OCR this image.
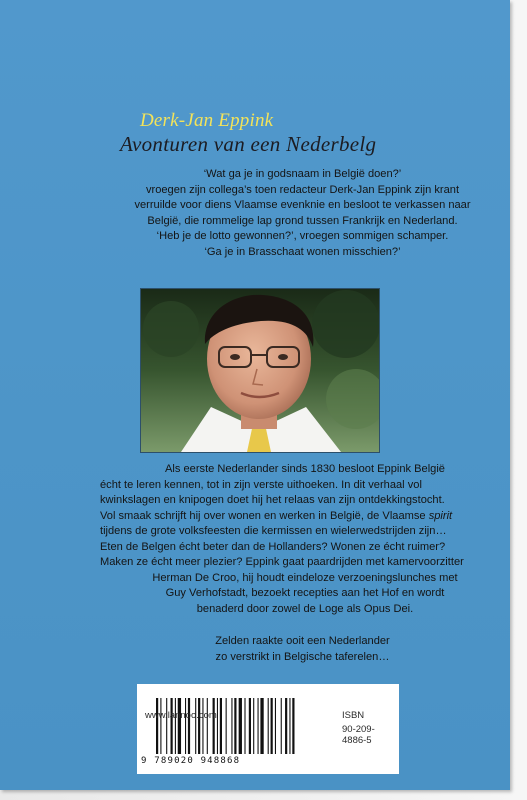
Derk-Jan Eppink
Avonturen van een Nederbelg
‘Wat ga je in godsnaam in België doen?’
vroegen zijn collega’s toen redacteur Derk-Jan Eppink zijn krant
verruilde voor diens Vlaamse evenknie en besloot te verkassen naar
België, die rommelige lap grond tussen Frankrijk en Nederland.
‘Heb je de lotto gewonnen?’, vroegen sommigen schamper.
‘Ga je in Brasschaat wonen misschien?’
Als eerste Nederlander sinds 1830 besloot Eppink België
écht te leren kennen, tot in zijn verste uithoeken. In dit verhaal vol
kwinkslagen en knipogen doet hij het relaas van zijn ontdekkingstocht.
Vol smaak schrijft hij over wonen en werken in België, de Vlaamse spirit
tijdens de grote volksfeesten die kermissen en wielerwedstrijden zijn…
Eten de Belgen écht beter dan de Hollanders? Wonen ze écht ruimer?
Maken ze écht meer plezier? Eppink gaat paardrijden met kamervoorzitter
Herman De Croo, hij houdt eindeloze verzoeningslunches met
Guy Verhofstadt, bezoekt recepties aan het Hof en wordt
benaderd door zowel de Loge als Opus Dei.
Zelden raakte ooit een Nederlander
zo verstrikt in Belgische taferelen…
www.lannoo.com	ISBN
90-209-4886-5
9 789020 948868
